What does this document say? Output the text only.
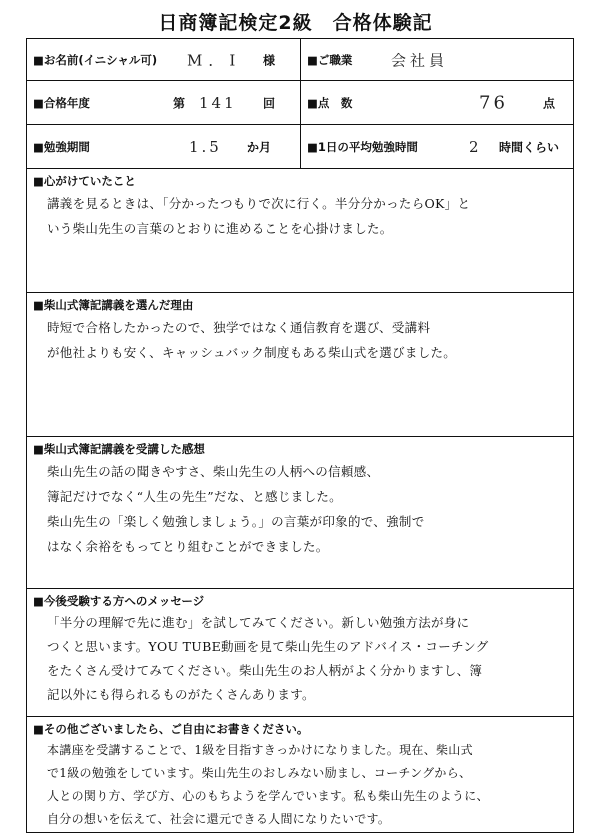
日商簿記検定2級　合格体験記
■お名前(イニシャル可) M．I 様	■ご職業	会社員
■合格年度	第 141 回	■点　数	76	点
■勉強期間	1.5 か月	■1日の平均勉強時間	2 時間くらい
■心がけていたこと
講義を見るときは、「分かったつもりで次に行く。半分分かったらOK」と
いう柴山先生の言葉のとおりに進めることを心掛けました。
■柴山式簿記講義を選んだ理由
時短で合格したかったので、独学ではなく通信教育を選び、受講料
が他社よりも安く、キャッシュバック制度もある柴山式を選びました。
■柴山式簿記講義を受講した感想
柴山先生の話の聞きやすさ、柴山先生の人柄への信頼感、
簿記だけでなく“人生の先生”だな、と感じました。
柴山先生の「楽しく勉強しましょう。」の言葉が印象的で、強制で
はなく余裕をもってとり組むことができました。
■今後受験する方へのメッセージ
「半分の理解で先に進む」を試してみてください。新しい勉強方法が身に
つくと思います。YOU TUBE動画を見て柴山先生のアドバイス・コーチング
をたくさん受けてみてください。柴山先生のお人柄がよく分かりますし、簿
記以外にも得られるものがたくさんあります。
■その他ございましたら、ご自由にお書きください。
本講座を受講することで、1級を目指すきっかけになりました。現在、柴山式
で1級の勉強をしています。柴山先生のおしみない励まし、コーチングから、
人との関り方、学び方、心のもちようを学んでいます。私も柴山先生のように、
自分の想いを伝えて、社会に還元できる人間になりたいです。
